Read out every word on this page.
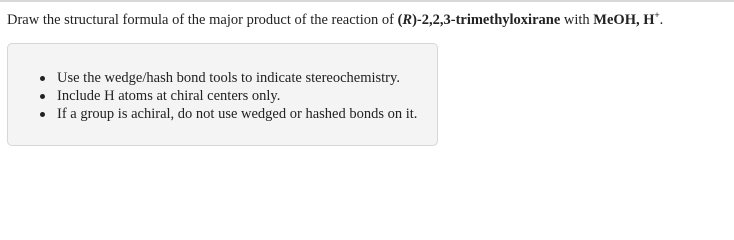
Draw the structural formula of the major product of the reaction of (R)-2,2,3-trimethyloxirane with MeOH, H+.
Use the wedge/hash bond tools to indicate stereochemistry.
Include H atoms at chiral centers only.
If a group is achiral, do not use wedged or hashed bonds on it.
